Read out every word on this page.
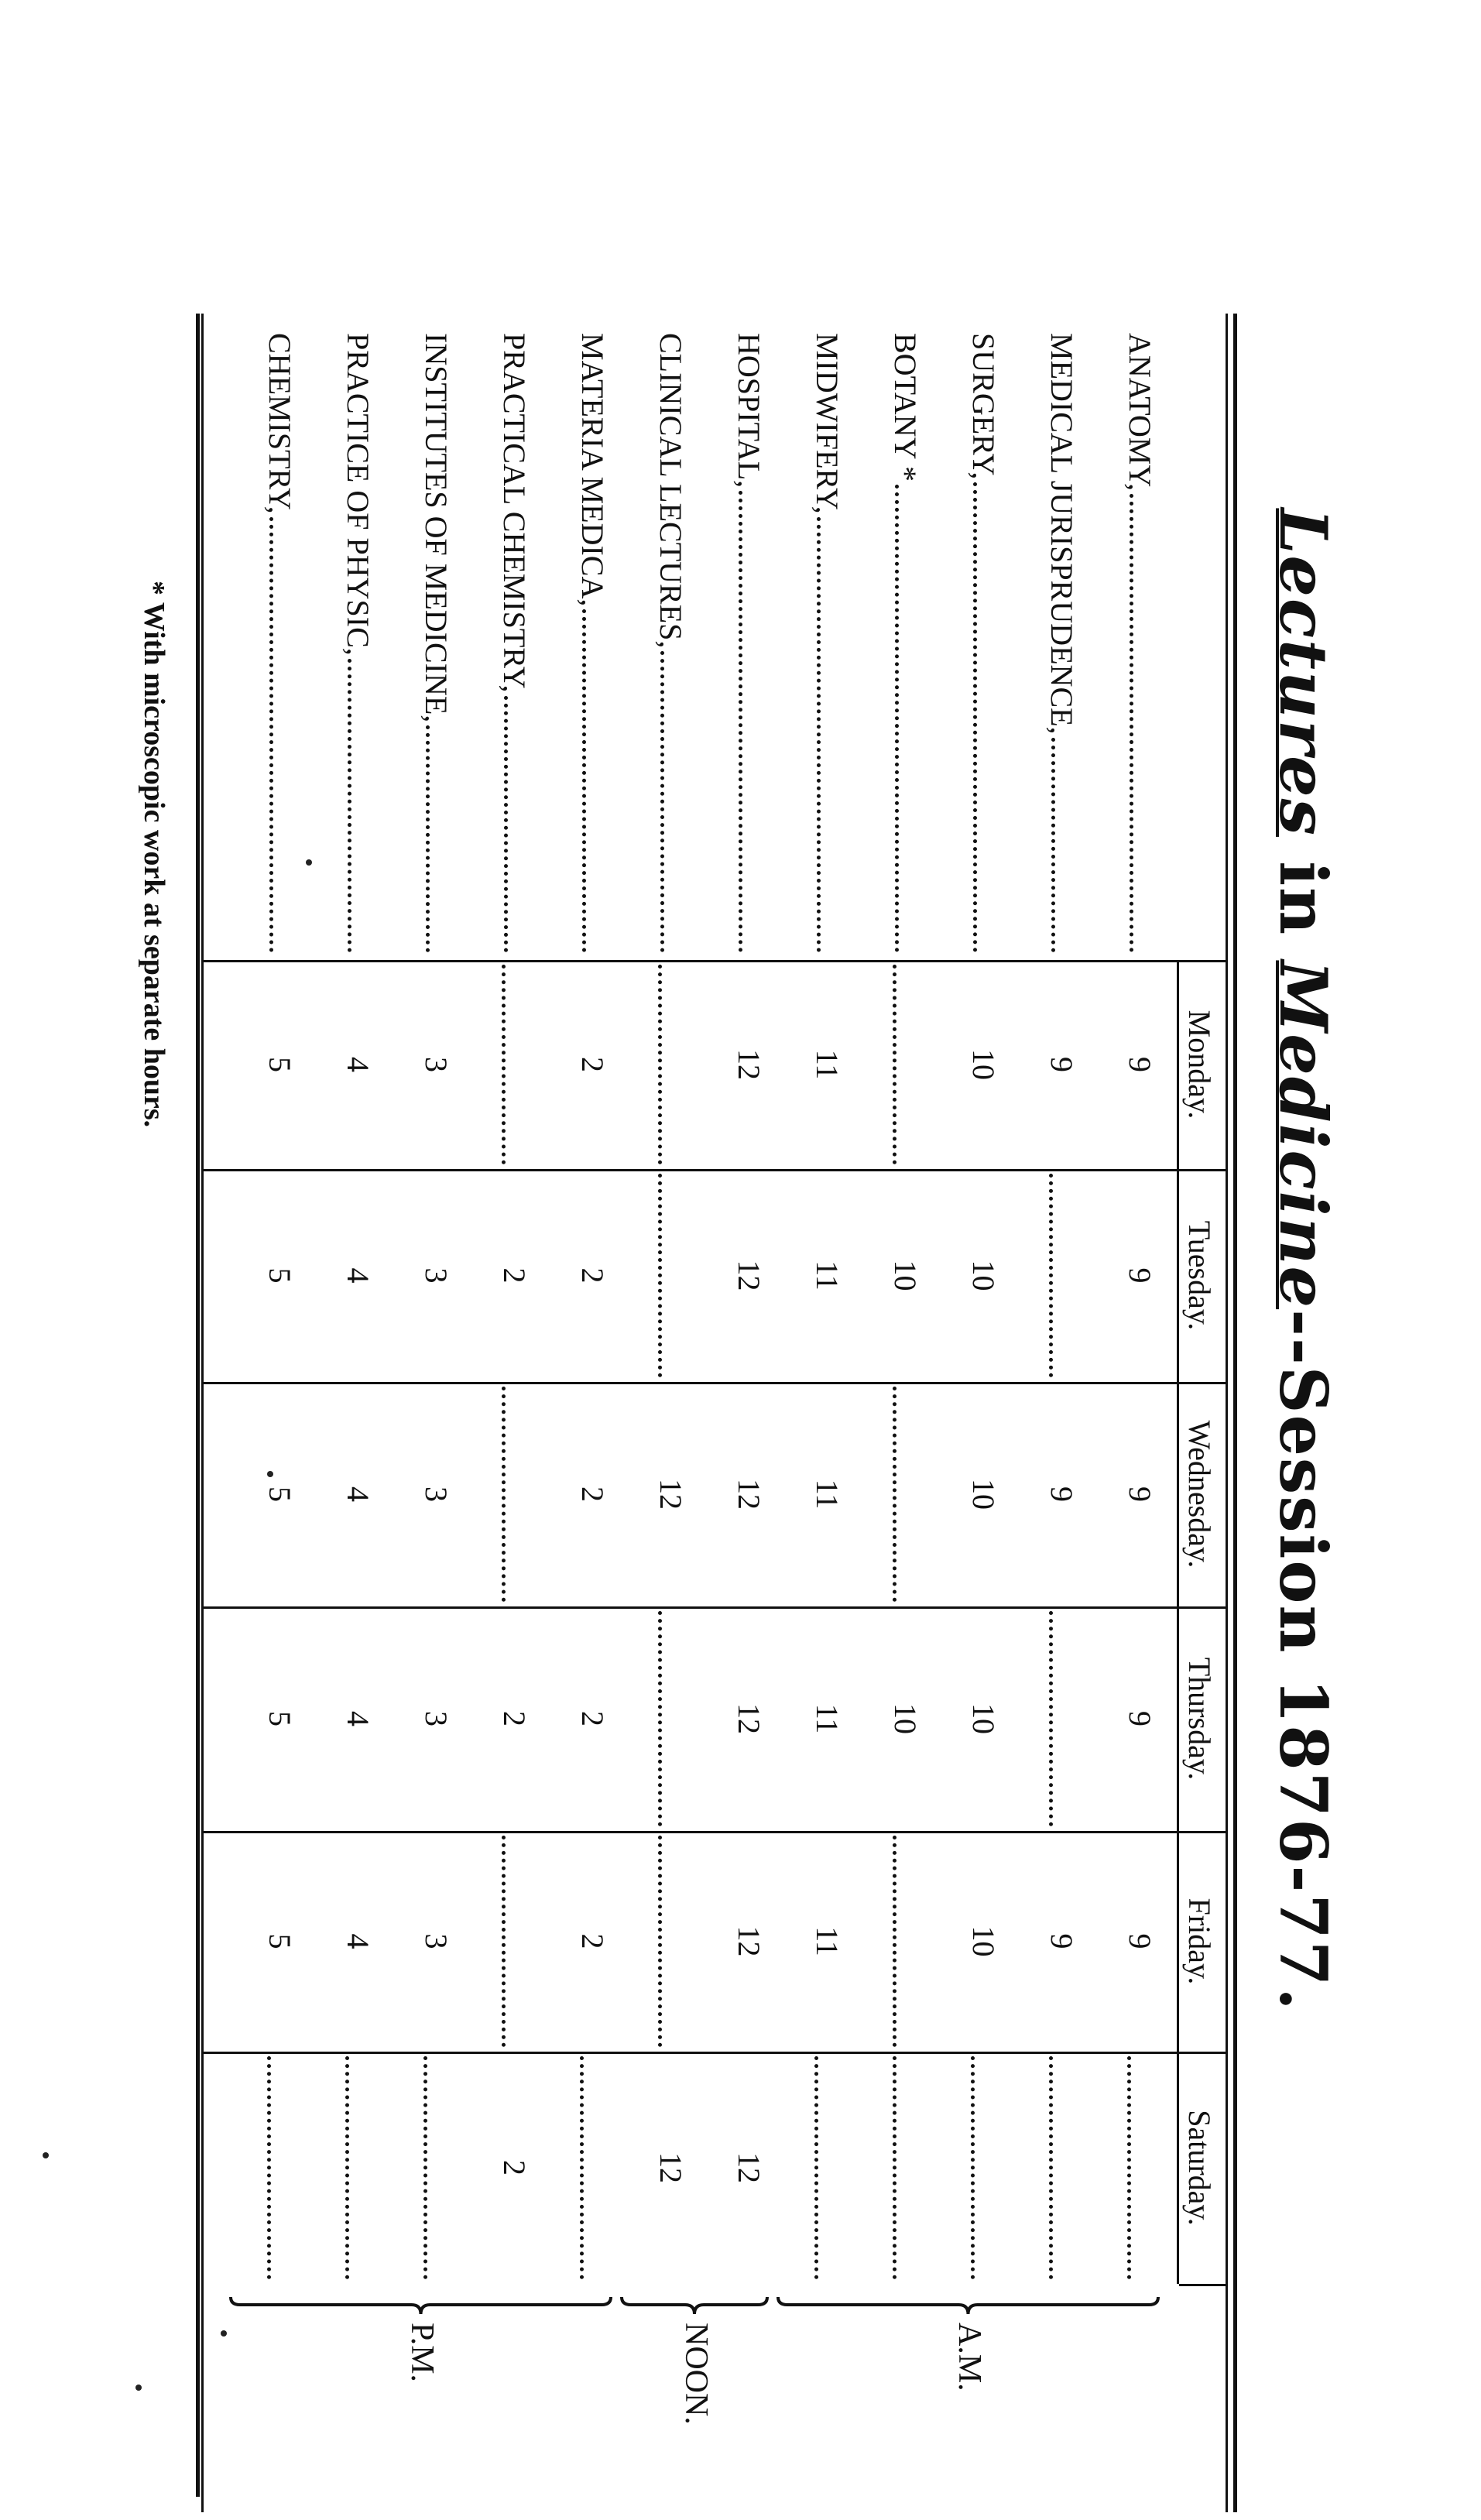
Lectures in Medicine--Session 1876-77.
Monday.
Tuesday.
Wednesday.
Thursday.
Friday.
Saturday.
ANATOMY,
9
9
9
9
9
MEDICAL JURISPRUDENCE,
9
9
9
SURGERY,
10
10
10
10
10
BOTANY *
10
10
MIDWIFERY,
11
11
11
11
11
HOSPITAL,
12
12
12
12
12
12
CLINICAL LECTURES,
12
12
MATERIA MEDICA,
2
2
2
2
2
PRACTICAL CHEMISTRY,
2
2
2
INSTITUTES OF MEDICINE,
3
3
3
3
3
PRACTICE OF PHYSIC,
4
4
4
4
4
CHEMISTRY,
5
5
5
5
5
A.M.
NOON.
P.M.
* With microscopic work at separate hours.
